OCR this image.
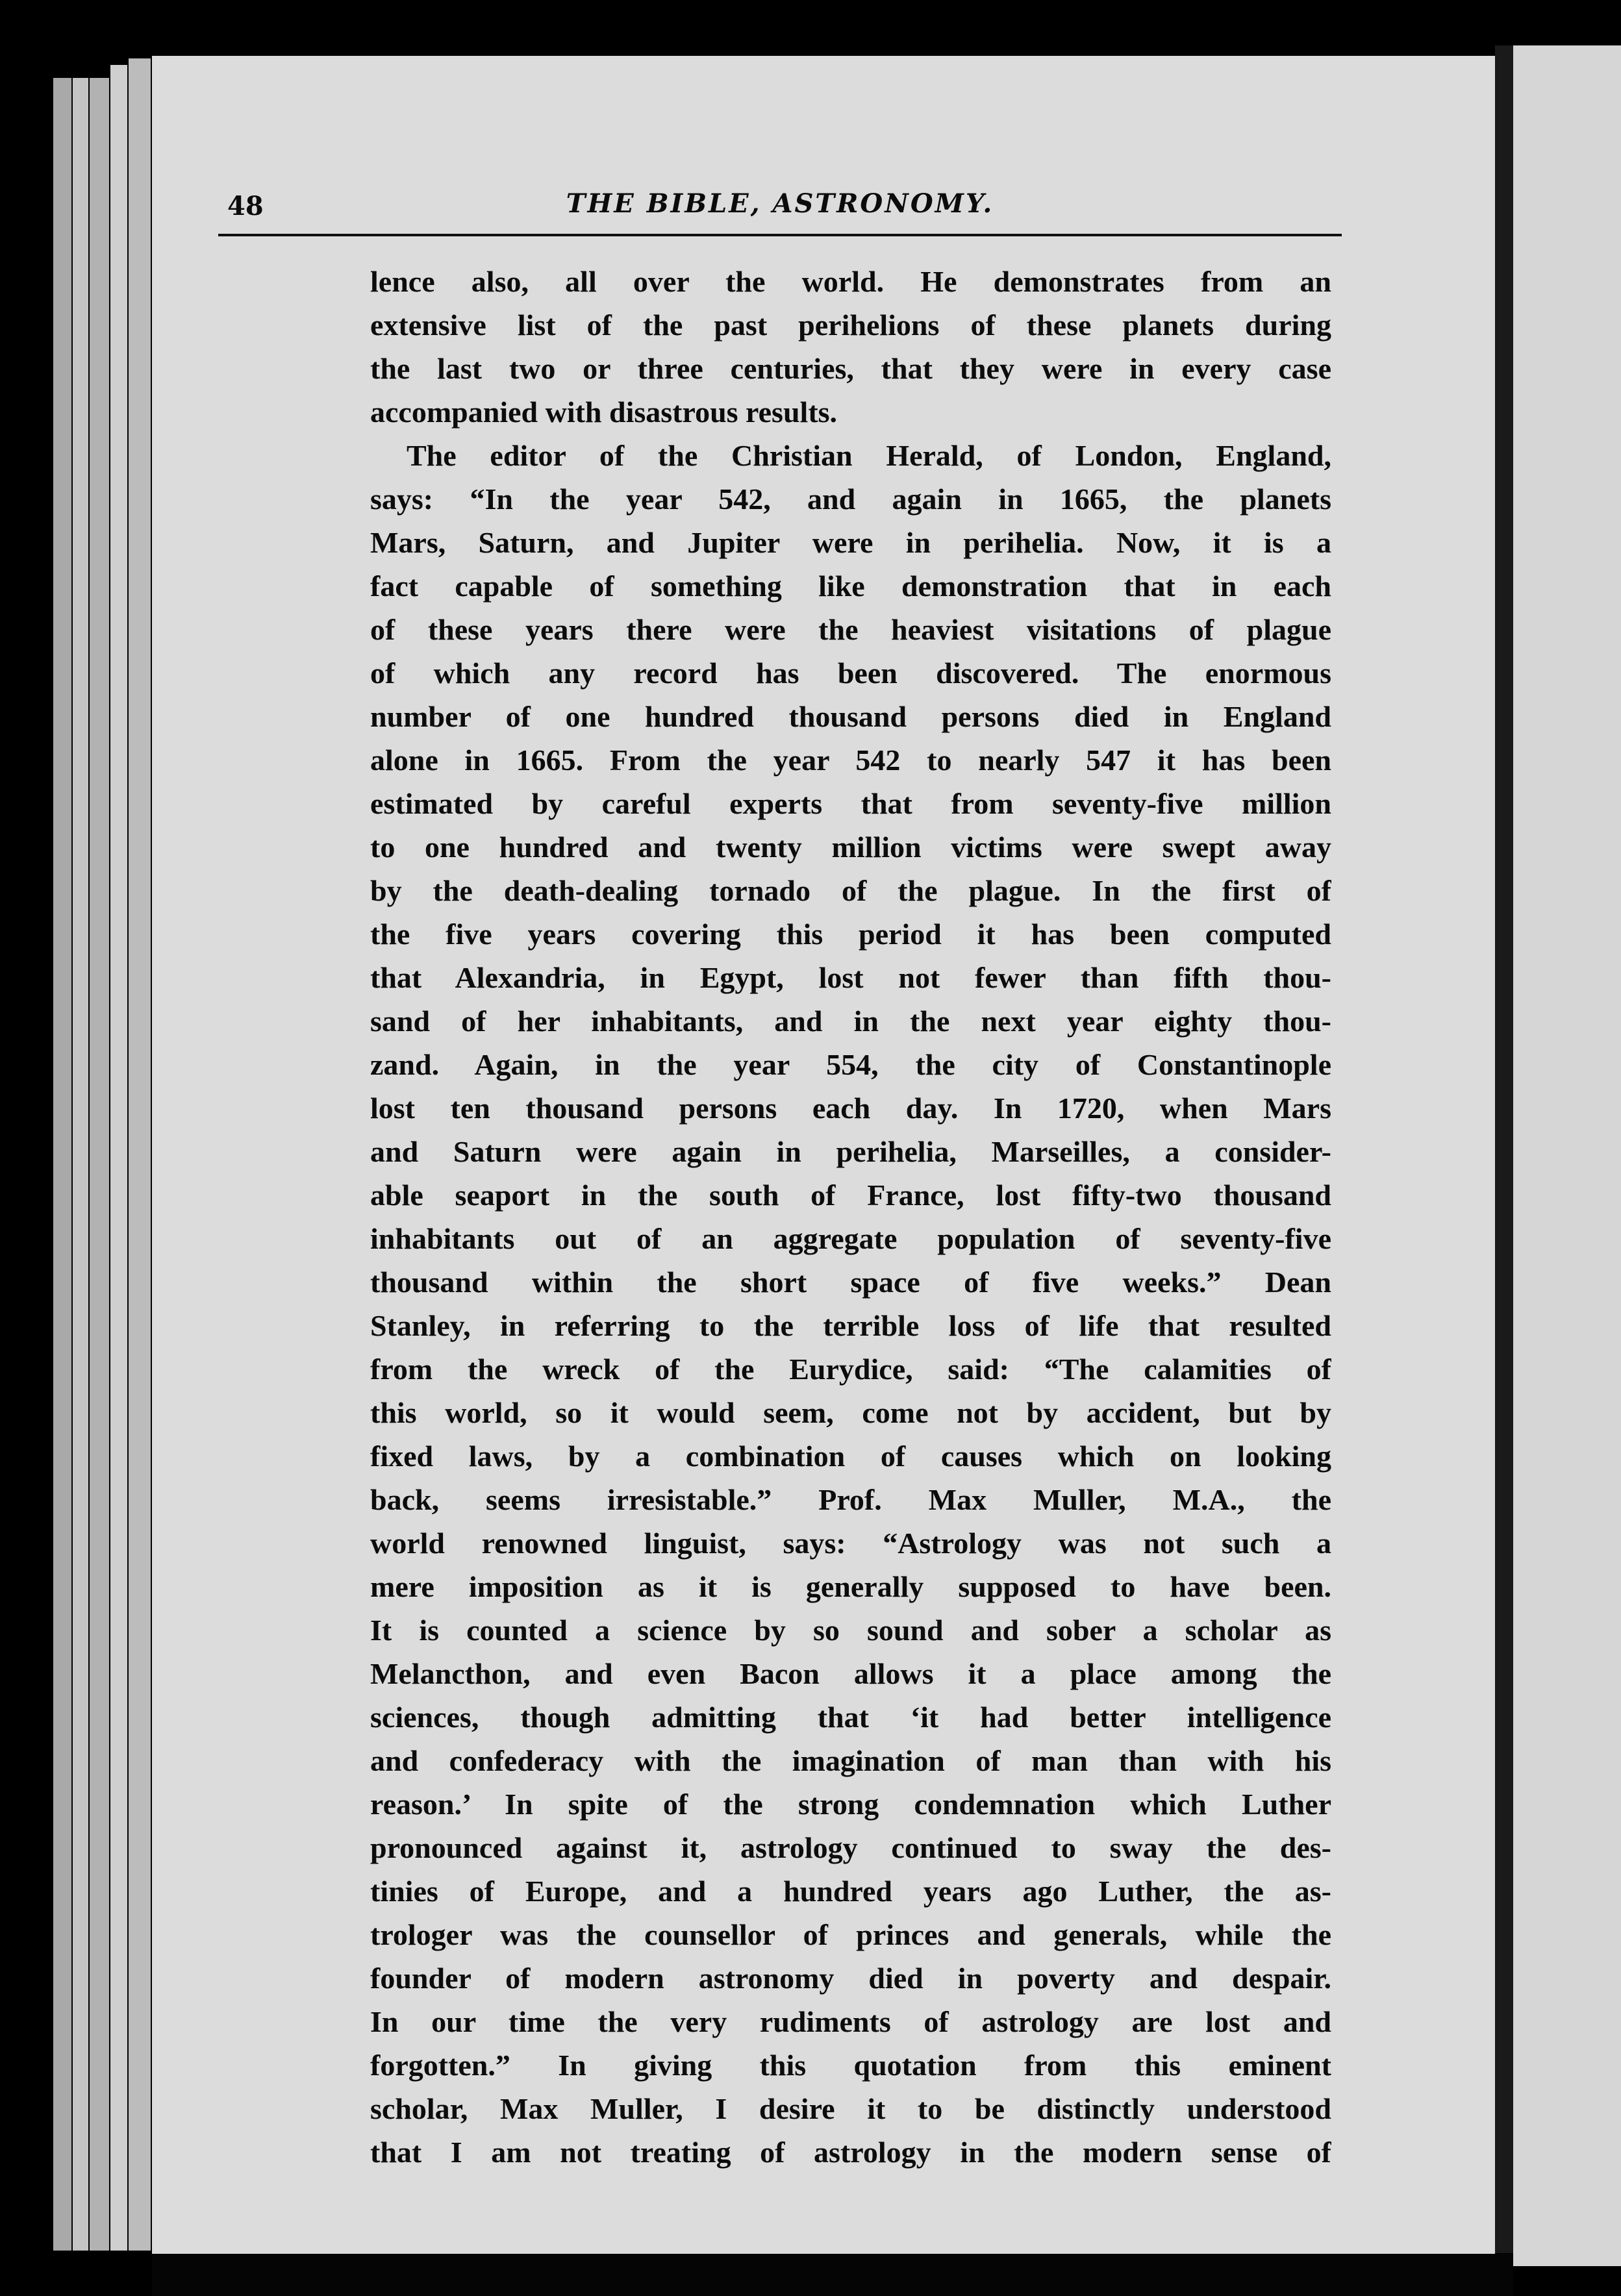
48	THE BIBLE, ASTRONOMY.
lence also, all over the world. He demonstrates from an
extensive list of the past perihelions of these planets during
the last two or three centuries, that they were in every case
accompanied with disastrous results.
The editor of the Christian Herald, of London, England,
says: “In the year 542, and again in 1665, the planets
Mars, Saturn, and Jupiter were in perihelia. Now, it is a
fact capable of something like demonstration that in each
of these years there were the heaviest visitations of plague
of which any record has been discovered. The enormous
number of one hundred thousand persons died in England
alone in 1665. From the year 542 to nearly 547 it has been
estimated by careful experts that from seventy-five million
to one hundred and twenty million victims were swept away
by the death-dealing tornado of the plague. In the first of
the five years covering this period it has been computed
that Alexandria, in Egypt, lost not fewer than fifth thou-
sand of her inhabitants, and in the next year eighty thou-
zand. Again, in the year 554, the city of Constantinople
lost ten thousand persons each day. In 1720, when Mars
and Saturn were again in perihelia, Marseilles, a consider-
able seaport in the south of France, lost fifty-two thousand
inhabitants out of an aggregate population of seventy-five
thousand within the short space of five weeks.” Dean
Stanley, in referring to the terrible loss of life that resulted
from the wreck of the Eurydice, said: “The calamities of
this world, so it would seem, come not by accident, but by
fixed laws, by a combination of causes which on looking
back, seems irresistable.” Prof. Max Muller, M.A., the
world renowned linguist, says: “Astrology was not such a
mere imposition as it is generally supposed to have been.
It is counted a science by so sound and sober a scholar as
Melancthon, and even Bacon allows it a place among the
sciences, though admitting that ‘it had better intelligence
and confederacy with the imagination of man than with his
reason.’ In spite of the strong condemnation which Luther
pronounced against it, astrology continued to sway the des-
tinies of Europe, and a hundred years ago Luther, the as-
trologer was the counsellor of princes and generals, while the
founder of modern astronomy died in poverty and despair.
In our time the very rudiments of astrology are lost and
forgotten.” In giving this quotation from this eminent
scholar, Max Muller, I desire it to be distinctly understood
that I am not treating of astrology in the modern sense of
